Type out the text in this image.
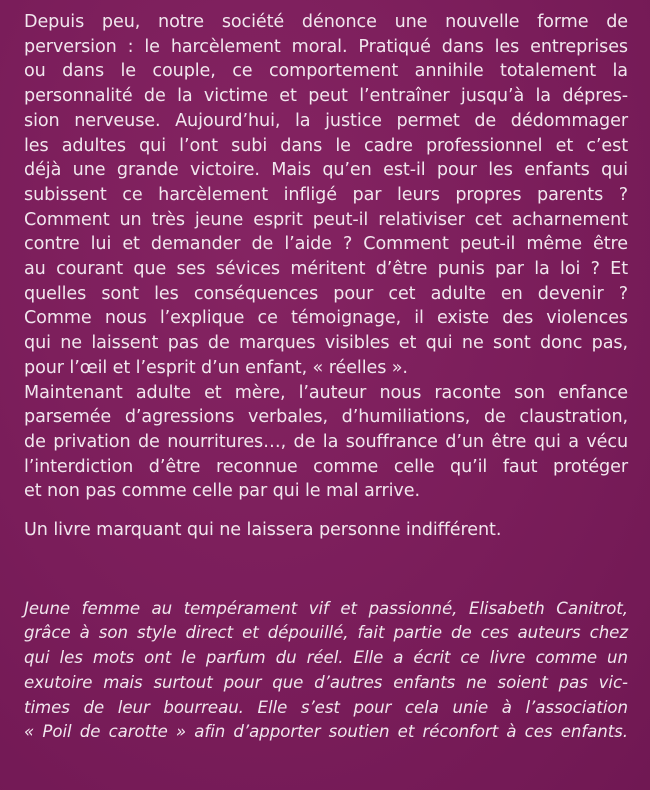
Depuis peu, notre société dénonce une nouvelle forme de
perversion : le harcèlement moral. Pratiqué dans les entreprises
ou dans le couple, ce comportement annihile totalement la
personnalité de la victime et peut l’entraîner jusqu’à la dépres-
sion nerveuse. Aujourd’hui, la justice permet de dédommager
les adultes qui l’ont subi dans le cadre professionnel et c’est
déjà une grande victoire. Mais qu’en est-il pour les enfants qui
subissent ce harcèlement infligé par leurs propres parents ?
Comment un très jeune esprit peut-il relativiser cet acharnement
contre lui et demander de l’aide ? Comment peut-il même être
au courant que ses sévices méritent d’être punis par la loi ? Et
quelles sont les conséquences pour cet adulte en devenir ?
Comme nous l’explique ce témoignage, il existe des violences
qui ne laissent pas de marques visibles et qui ne sont donc pas,
pour l’œil et l’esprit d’un enfant, « réelles ».
Maintenant adulte et mère, l’auteur nous raconte son enfance
parsemée d’agressions verbales, d’humiliations, de claustration,
de privation de nourritures…, de la souffrance d’un être qui a vécu
l’interdiction d’être reconnue comme celle qu’il faut protéger
et non pas comme celle par qui le mal arrive.
Un livre marquant qui ne laissera personne indifférent.
Jeune femme au tempérament vif et passionné, Elisabeth Canitrot,
grâce à son style direct et dépouillé, fait partie de ces auteurs chez
qui les mots ont le parfum du réel. Elle a écrit ce livre comme un
exutoire mais surtout pour que d’autres enfants ne soient pas vic-
times de leur bourreau. Elle s’est pour cela unie à l’association
« Poil de carotte » afin d’apporter soutien et réconfort à ces enfants.
